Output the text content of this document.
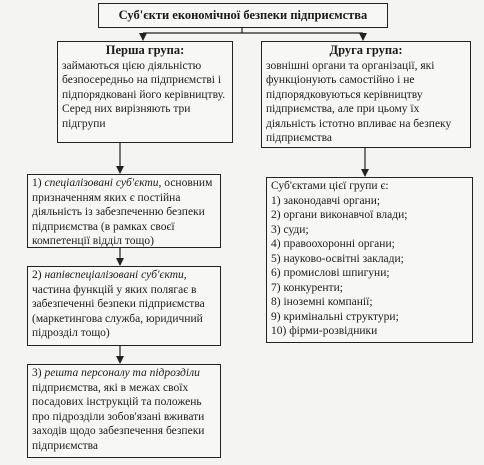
Суб'єкти економічної безпеки підприємства

Перша група:

займаються цією діяльністю безпосередньо на підприємстві і підпорядковані його керівництву. Серед них вирізняють три підгрупи

Друга група:

зовнішні органи та організації, які функціонують самостійно і не підпорядковуються керівництву підприємства, але при цьому їх діяльність істотно впливає на безпеку підприємства

1) спеціалізовані суб'єкти, основним призначенням яких є постійна діяльність із забезпеченню безпеки підприємства (в рамках своєї компетенції відділ тощо)

2) напівспеціалізовані суб'єкти, частина функцій у яких полягає в забезпеченні безпеки підприємства (маркетингова служба, юридичний підрозділ тощо)

3) решта персоналу та підрозділи підприємства, які в межах своїх посадових інструкцій та положень про підрозділи зобов'язані вживати заходів щодо забезпечення безпеки підприємства

Суб'єктами цієї групи є:

1) законодавчі органи;

2) органи виконавчої влади;

3) суди;

4) правоохоронні органи;

5) науково-освітні заклади;

6) промислові шпигуни;

7) конкуренти;

8) іноземні компанії;

9) кримінальні структури;

10) фірми-розвідники
